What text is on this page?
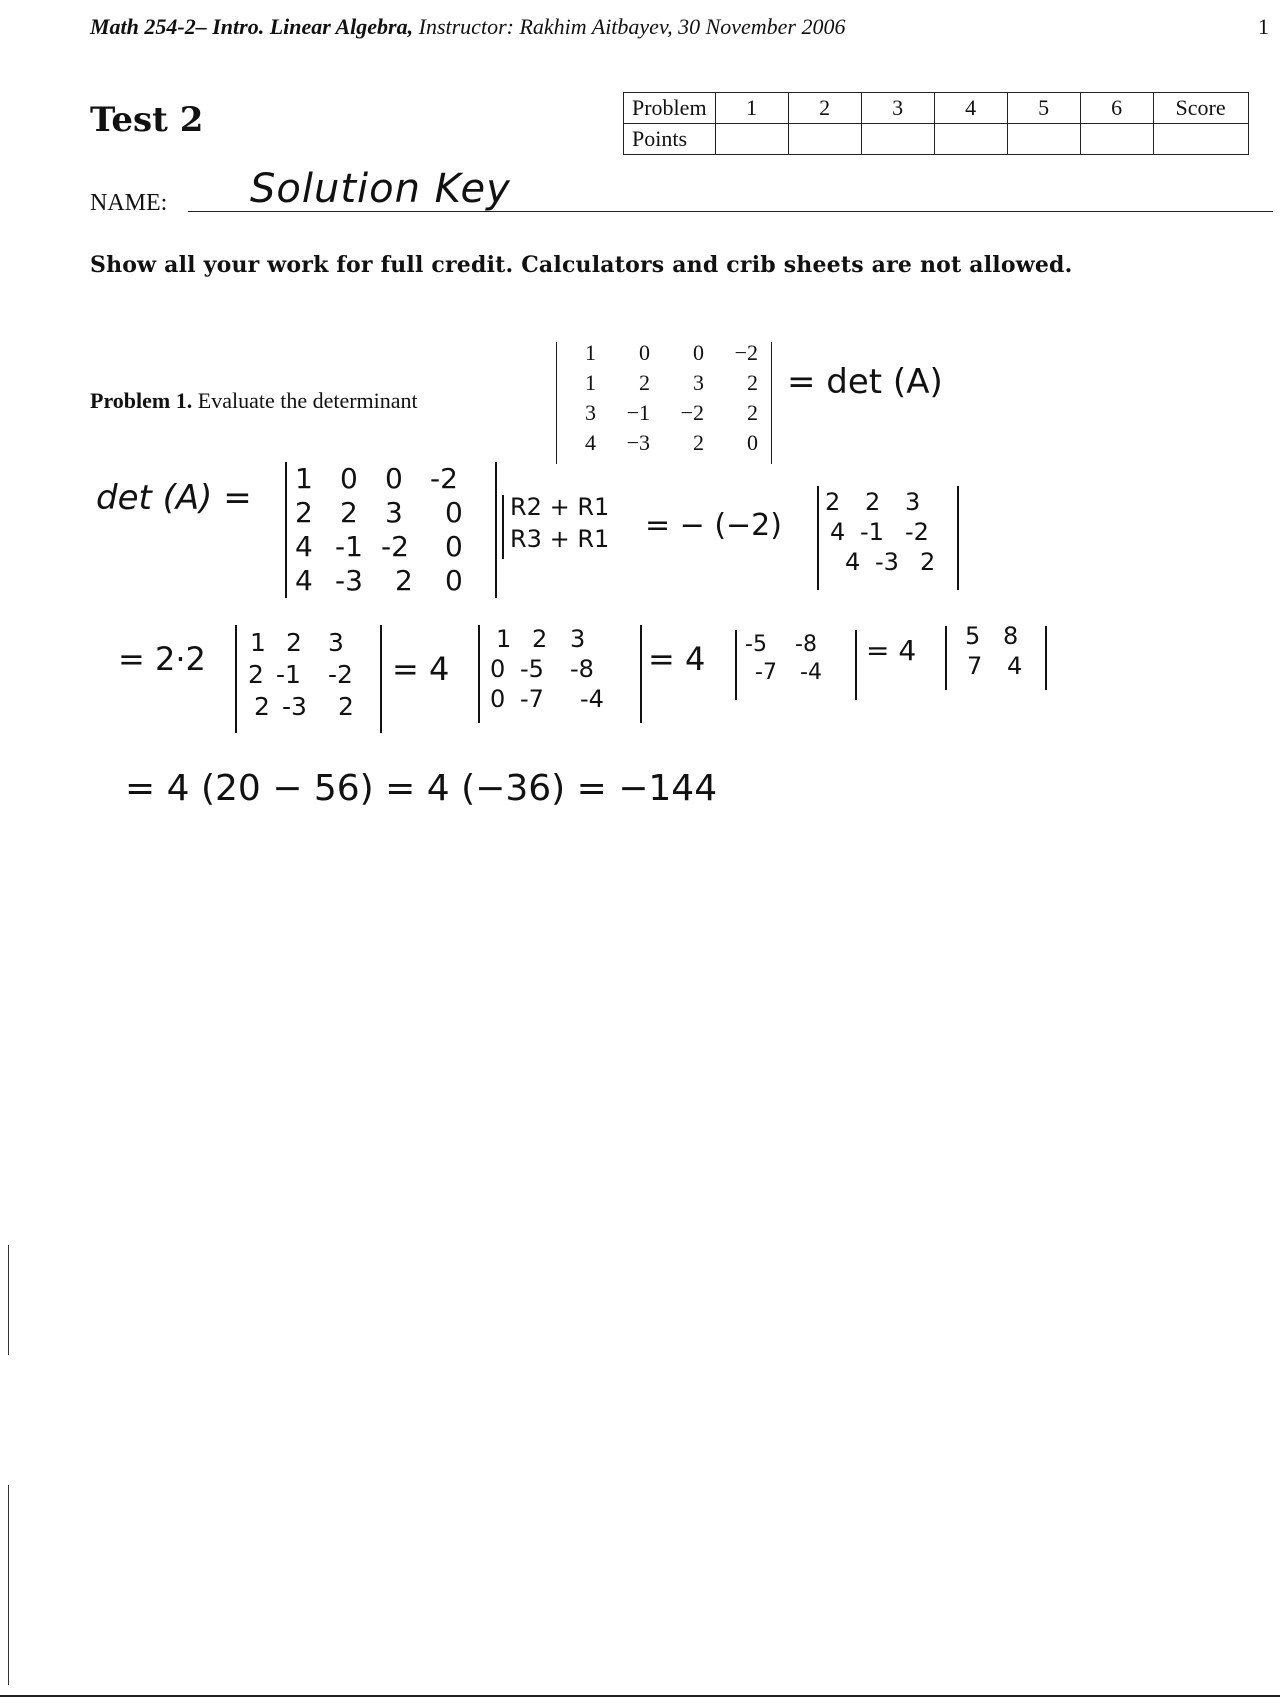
Math 254-2– Intro. Linear Algebra, Instructor: Rakhim Aitbayev, 30 November 2006	1
Test 2	Problem	1	2	3	4	5	6	Score
Points							
NAME: Solution Key
Show all your work for full credit. Calculators and crib sheets are not allowed.
Problem 1. Evaluate the determinant
1	0	0	−2
1	2	3	2
3	−1	−2	2
4	−3	2	0
= det (A)
det (A) = 1 0 0 -2
2 2 3 0
4 -1 -2 0
4 -3 2 0
R2 + R1
R3 + R1 = − (−2)
2 2 3
4 -1 -2
4 -3 2
= 2·2 1 2 3
2 -1 -2
2 -3 2
= 4
1 2 3
0 -5 -8
0 -7 -4
= 4 -5 -8
-7 -4
= 4 5 8
7 4
= 4 (20 − 56) = 4 (−36) = −144
